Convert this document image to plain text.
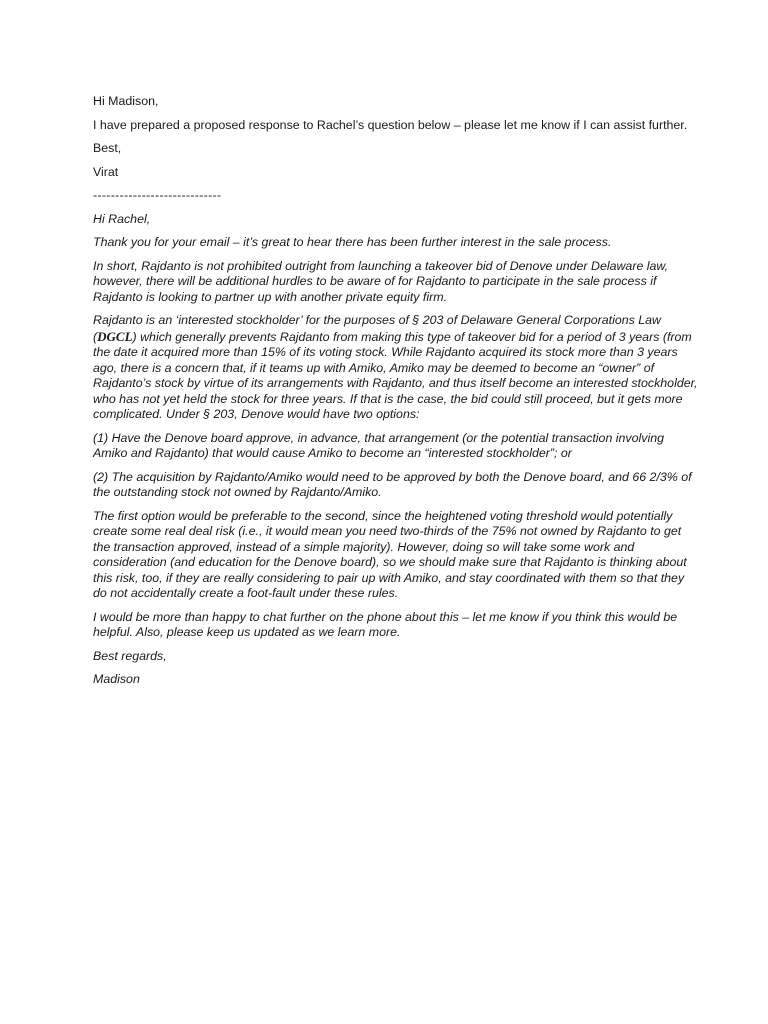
Hi Madison,

I have prepared a proposed response to Rachel’s question below – please let me know if I can assist further.

Best,

Virat

-----------------------------

Hi Rachel,

Thank you for your email – it’s great to hear there has been further interest in the sale process.

In short, Rajdanto is not prohibited outright from launching a takeover bid of Denove under Delaware law, however, there will be additional hurdles to be aware of for Rajdanto to participate in the sale process if Rajdanto is looking to partner up with another private equity firm.

Rajdanto is an ‘interested stockholder’ for the purposes of § 203 of Delaware General Corporations Law (DGCL) which generally prevents Rajdanto from making this type of takeover bid for a period of 3 years (from the date it acquired more than 15% of its voting stock. While Rajdanto acquired its stock more than 3 years ago, there is a concern that, if it teams up with Amiko, Amiko may be deemed to become an “owner” of Rajdanto’s stock by virtue of its arrangements with Rajdanto, and thus itself become an interested stockholder, who has not yet held the stock for three years. If that is the case, the bid could still proceed, but it gets more complicated. Under § 203, Denove would have two options:

(1) Have the Denove board approve, in advance, that arrangement (or the potential transaction involving Amiko and Rajdanto) that would cause Amiko to become an “interested stockholder”; or

(2) The acquisition by Rajdanto/Amiko would need to be approved by both the Denove board, and 66 2/3% of the outstanding stock not owned by Rajdanto/Amiko.

The first option would be preferable to the second, since the heightened voting threshold would potentially create some real deal risk (i.e., it would mean you need two-thirds of the 75% not owned by Rajdanto to get the transaction approved, instead of a simple majority). However, doing so will take some work and consideration (and education for the Denove board), so we should make sure that Rajdanto is thinking about this risk, too, if they are really considering to pair up with Amiko, and stay coordinated with them so that they do not accidentally create a foot-fault under these rules.

I would be more than happy to chat further on the phone about this – let me know if you think this would be helpful. Also, please keep us updated as we learn more.

Best regards,

Madison
